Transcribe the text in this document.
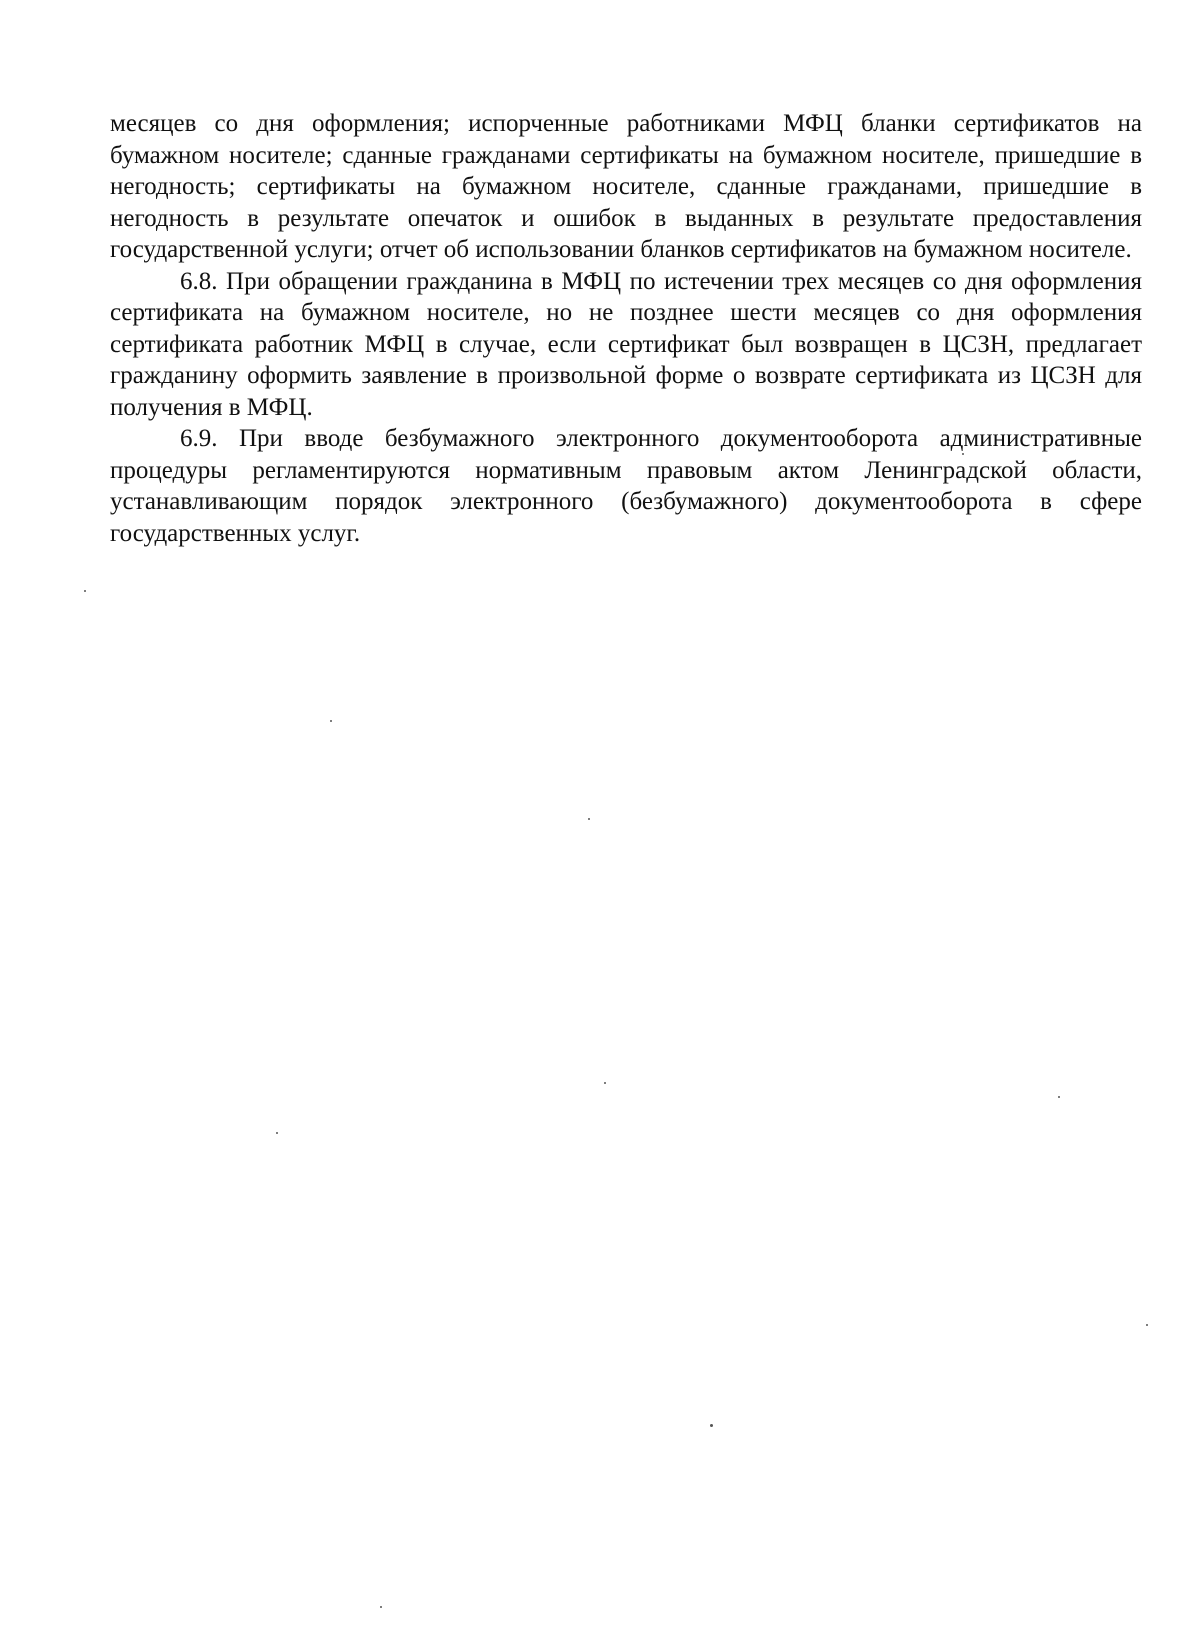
месяцев со дня оформления; испорченные работниками МФЦ бланки сертификатов на бумажном носителе; сданные гражданами сертификаты на бумажном носителе, пришедшие в негодность; сертификаты на бумажном носителе, сданные гражданами, пришедшие в негодность в результате опечаток и ошибок в выданных в результате предоставления государственной услуги; отчет об использовании бланков сертификатов на бумажном носителе.

6.8. При обращении гражданина в МФЦ по истечении трех месяцев со дня оформления сертификата на бумажном носителе, но не позднее шести месяцев со дня оформления сертификата работник МФЦ в случае, если сертификат был возвращен в ЦСЗН, предлагает гражданину оформить заявление в произвольной форме о возврате сертификата из ЦСЗН для получения в МФЦ.

6.9. При вводе безбумажного электронного документооборота административные процедуры регламентируются нормативным правовым актом Ленинградской области, устанавливающим порядок электронного (безбумажного) документооборота в сфере государственных услуг.
